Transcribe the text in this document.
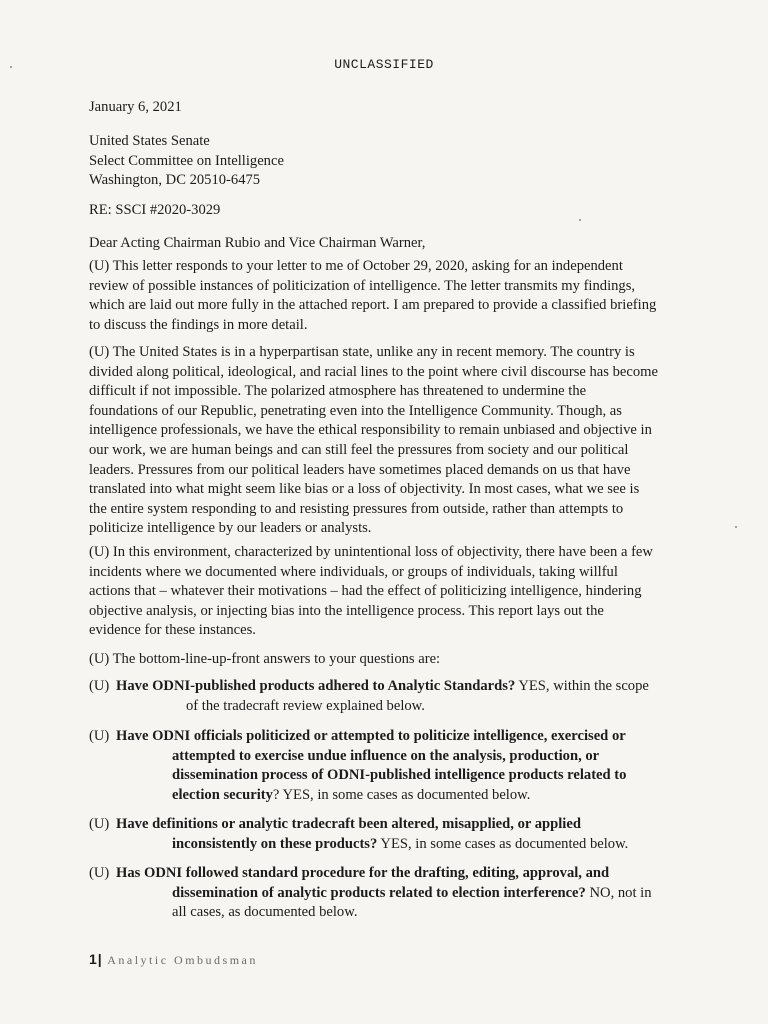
UNCLASSIFIED
January 6, 2021
United States Senate
Select Committee on Intelligence
Washington, DC 20510-6475
RE: SSCI #2020-3029
Dear Acting Chairman Rubio and Vice Chairman Warner,
(U) This letter responds to your letter to me of October 29, 2020, asking for an independent
review of possible instances of politicization of intelligence. The letter transmits my findings,
which are laid out more fully in the attached report. I am prepared to provide a classified briefing
to discuss the findings in more detail.
(U) The United States is in a hyperpartisan state, unlike any in recent memory. The country is
divided along political, ideological, and racial lines to the point where civil discourse has become
difficult if not impossible. The polarized atmosphere has threatened to undermine the
foundations of our Republic, penetrating even into the Intelligence Community. Though, as
intelligence professionals, we have the ethical responsibility to remain unbiased and objective in
our work, we are human beings and can still feel the pressures from society and our political
leaders. Pressures from our political leaders have sometimes placed demands on us that have
translated into what might seem like bias or a loss of objectivity. In most cases, what we see is
the entire system responding to and resisting pressures from outside, rather than attempts to
politicize intelligence by our leaders or analysts.
(U) In this environment, characterized by unintentional loss of objectivity, there have been a few
incidents where we documented where individuals, or groups of individuals, taking willful
actions that – whatever their motivations – had the effect of politicizing intelligence, hindering
objective analysis, or injecting bias into the intelligence process. This report lays out the
evidence for these instances.
(U) The bottom-line-up-front answers to your questions are:
(U) Have ODNI-published products adhered to Analytic Standards? YES, within the scope
of the tradecraft review explained below.
(U) Have ODNI officials politicized or attempted to politicize intelligence, exercised or
attempted to exercise undue influence on the analysis, production, or
dissemination process of ODNI-published intelligence products related to
election security? YES, in some cases as documented below.
(U) Have definitions or analytic tradecraft been altered, misapplied, or applied
inconsistently on these products? YES, in some cases as documented below.
(U) Has ODNI followed standard procedure for the drafting, editing, approval, and
dissemination of analytic products related to election interference? NO, not in
all cases, as documented below.
1| Analytic Ombudsman
